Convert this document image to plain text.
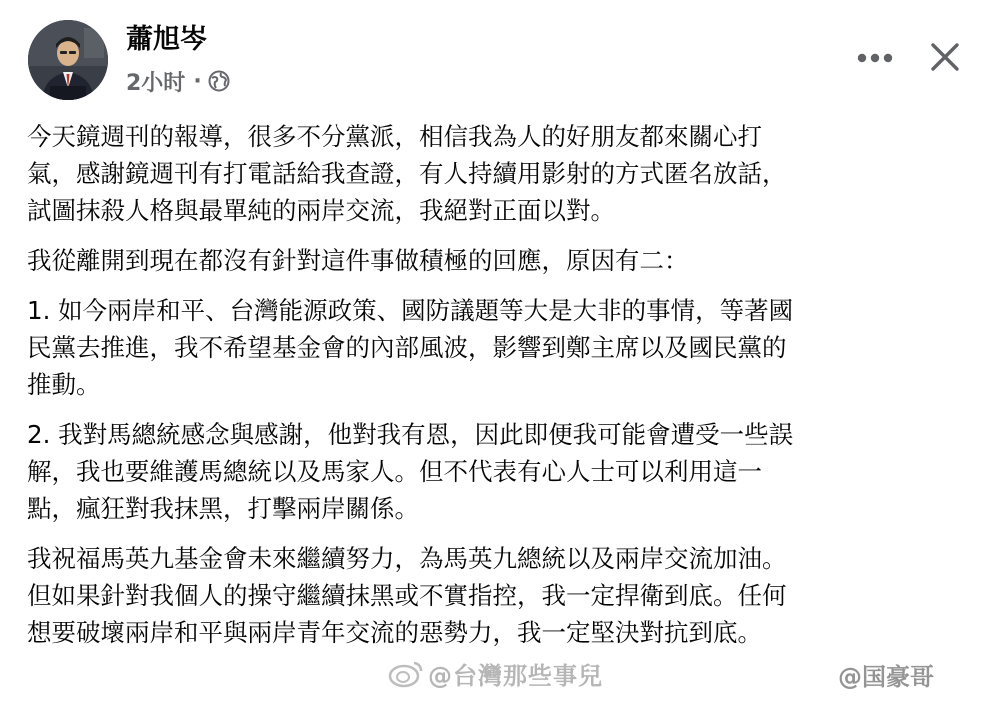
蕭旭岑
2小时 ·

今天鏡週刊的報導，很多不分黨派，相信我為人的好朋友都來關心打
氣，感謝鏡週刊有打電話給我查證，有人持續用影射的方式匿名放話，
試圖抹殺人格與最單純的兩岸交流，我絕對正面以對。

我從離開到現在都沒有針對這件事做積極的回應，原因有二：

1. 如今兩岸和平、台灣能源政策、國防議題等大是大非的事情，等著國
民黨去推進，我不希望基金會的內部風波，影響到鄭主席以及國民黨的
推動。

2. 我對馬總統感念與感謝，他對我有恩，因此即便我可能會遭受一些誤
解，我也要維護馬總統以及馬家人。但不代表有心人士可以利用這一
點，瘋狂對我抹黑，打擊兩岸關係。

我祝福馬英九基金會未來繼續努力，為馬英九總統以及兩岸交流加油。
但如果針對我個人的操守繼續抹黑或不實指控，我一定捍衛到底。任何
想要破壞兩岸和平與兩岸青年交流的惡勢力，我一定堅決對抗到底。

@台灣那些事兒	@国豪哥
